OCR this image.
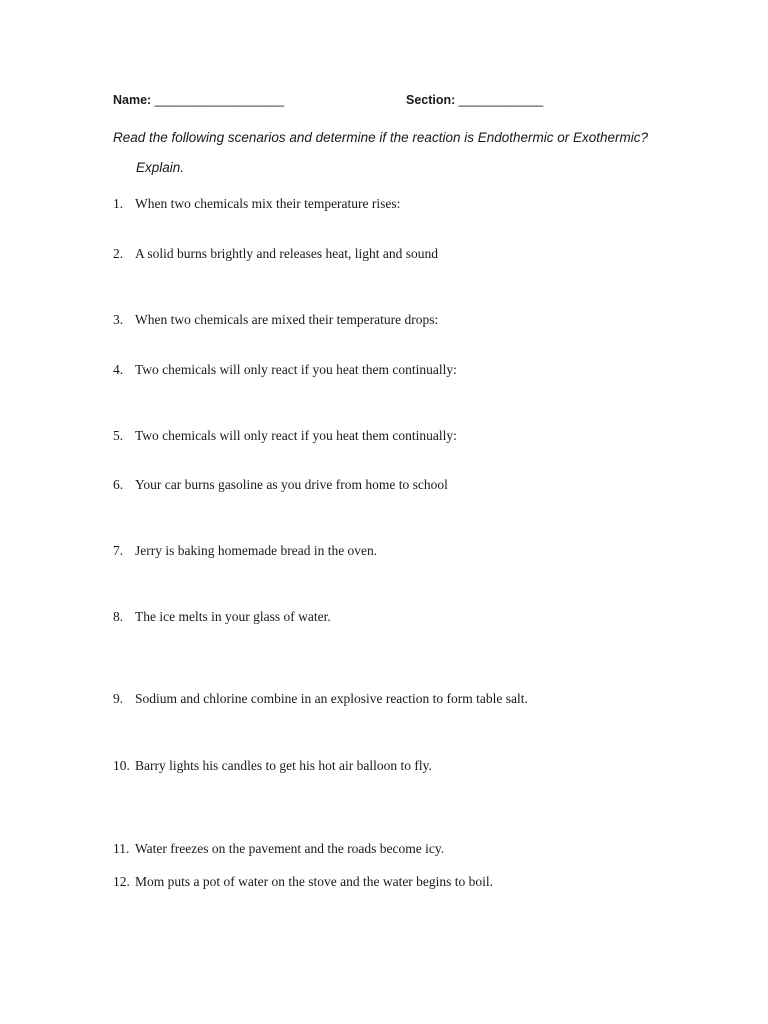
Name: ____________________	Section: _____________
Read the following scenarios and determine if the reaction is Endothermic or Exothermic?
Explain.
1. When two chemicals mix their temperature rises:
2. A solid burns brightly and releases heat, light and sound
3. When two chemicals are mixed their temperature drops:
4. Two chemicals will only react if you heat them continually:
5. Two chemicals will only react if you heat them continually:
6. Your car burns gasoline as you drive from home to school
7. Jerry is baking homemade bread in the oven.
8. The ice melts in your glass of water.
9. Sodium and chlorine combine in an explosive reaction to form table salt.
10. Barry lights his candles to get his hot air balloon to fly.
11. Water freezes on the pavement and the roads become icy.
12. Mom puts a pot of water on the stove and the water begins to boil.
